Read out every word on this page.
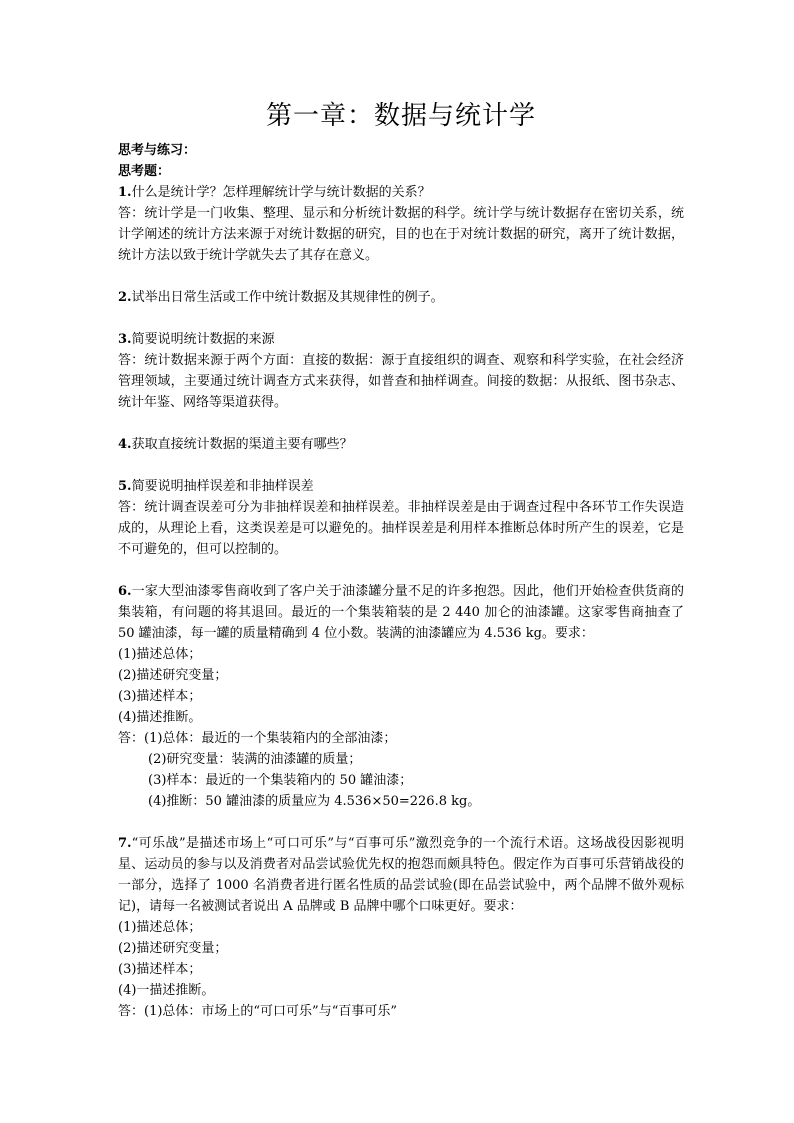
第一章：数据与统计学
思考与练习：
思考题：
1.什么是统计学？怎样理解统计学与统计数据的关系？
答：统计学是一门收集、整理、显示和分析统计数据的科学。统计学与统计数据存在密切关系，统计学阐述的统计方法来源于对统计数据的研究，目的也在于对统计数据的研究，离开了统计数据，统计方法以致于统计学就失去了其存在意义。
2.试举出日常生活或工作中统计数据及其规律性的例子。
3.简要说明统计数据的来源
答：统计数据来源于两个方面：直接的数据：源于直接组织的调查、观察和科学实验，在社会经济管理领域，主要通过统计调查方式来获得，如普查和抽样调查。间接的数据：从报纸、图书杂志、统计年鉴、网络等渠道获得。
4.获取直接统计数据的渠道主要有哪些？
5.简要说明抽样误差和非抽样误差
答：统计调查误差可分为非抽样误差和抽样误差。非抽样误差是由于调查过程中各环节工作失误造成的，从理论上看，这类误差是可以避免的。抽样误差是利用样本推断总体时所产生的误差，它是不可避免的，但可以控制的。
6.一家大型油漆零售商收到了客户关于油漆罐分量不足的许多抱怨。因此，他们开始检查供货商的集装箱，有问题的将其退回。最近的一个集装箱装的是 2 440 加仑的油漆罐。这家零售商抽查了 50 罐油漆，每一罐的质量精确到 4 位小数。装满的油漆罐应为 4.536 kg。要求：
(1)描述总体；
(2)描述研究变量；
(3)描述样本；
(4)描述推断。
答：(1)总体：最近的一个集装箱内的全部油漆；
(2)研究变量：装满的油漆罐的质量；
(3)样本：最近的一个集装箱内的 50 罐油漆；
(4)推断：50 罐油漆的质量应为 4.536×50=226.8 kg。
7.“可乐战”是描述市场上“可口可乐”与“百事可乐”激烈竞争的一个流行术语。这场战役因影视明星、运动员的参与以及消费者对品尝试验优先权的抱怨而颇具特色。假定作为百事可乐营销战役的一部分，选择了 1000 名消费者进行匿名性质的品尝试验(即在品尝试验中，两个品牌不做外观标记)，请每一名被测试者说出 A 品牌或 B 品牌中哪个口味更好。要求：
(1)描述总体；
(2)描述研究变量；
(3)描述样本；
(4)一描述推断。
答：(1)总体：市场上的“可口可乐”与“百事可乐”
